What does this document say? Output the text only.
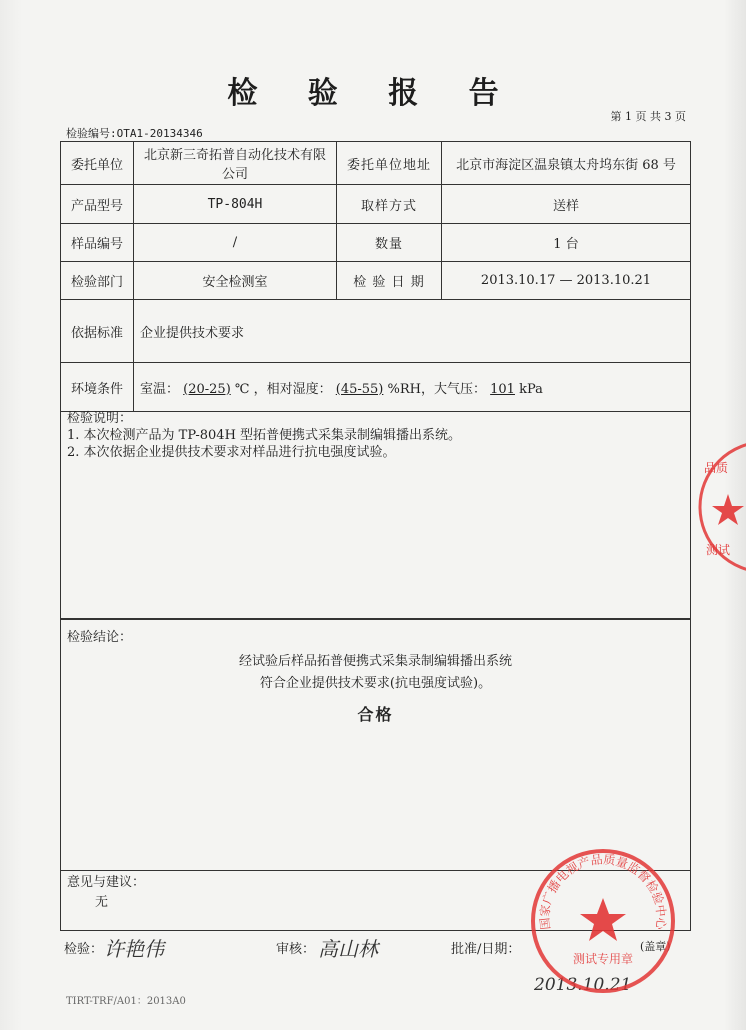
检 验 报 告
第 1 页 共 3 页
检验编号:OTA1-20134346
委托单位	北京新三奇拓普自动化技术有限公司	委托单位地址	北京市海淀区温泉镇太舟坞东街 68 号
产品型号	TP-804H	取样方式	送样
样品编号	/	数量	1 台
检验部门	安全检测室	检 验 日 期	2013.10.17 — 2013.10.21
依据标准	企业提供技术要求		
环境条件	室温： (20-25) ℃ ，相对湿度： (45-55) %RH，大气压： 101 kPa		
检验说明：
1. 本次检测产品为 TP-804H 型拓普便携式采集录制编辑播出系统。
2. 本次依据企业提供技术要求对样品进行抗电强度试验。
检验结论：
经试验后样品拓普便携式采集录制编辑播出系统
符合企业提供技术要求(抗电强度试验)。
合格
意见与建议：
无
检验： 许艳伟	审核： 高山林	批准/日期：	(盖章)
2013.10.21
TIRT-TRF/A01：2013A0
国家广播电视产品质量监督检验中心
测试专用章
品质
测试
